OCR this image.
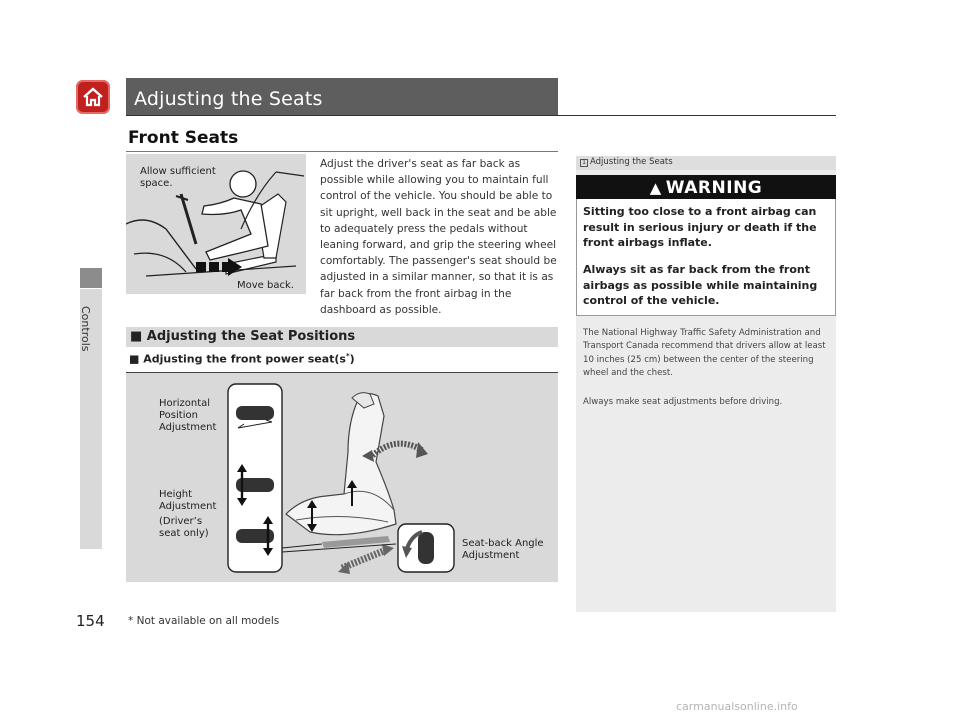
Controls
154
Adjusting the Seats
Front Seats
Allow sufficient space.
Move back.
Adjust the driver's seat as far back as possible while allowing you to maintain full control of the vehicle. You should be able to sit upright, well back in the seat and be able to adequately press the pedals without leaning forward, and grip the steering wheel comfortably. The passenger's seat should be adjusted in a similar manner, so that it is as far back from the front airbag in the dashboard as possible.
■ Adjusting the Seat Positions
■ Adjusting the front power seat(s*)
Horizontal Position Adjustment
Height Adjustment
(Driver’s seat only)
Seat-back Angle Adjustment
* Not available on all models
1 Adjusting the Seats
▲ WARNING
Sitting too close to a front airbag can result in serious injury or death if the front airbags inflate.
Always sit as far back from the front airbags as possible while maintaining control of the vehicle.
The National Highway Traffic Safety Administration and Transport Canada recommend that drivers allow at least 10 inches (25 cm) between the center of the steering wheel and the chest.
Always make seat adjustments before driving.
carmanualsonline.info
